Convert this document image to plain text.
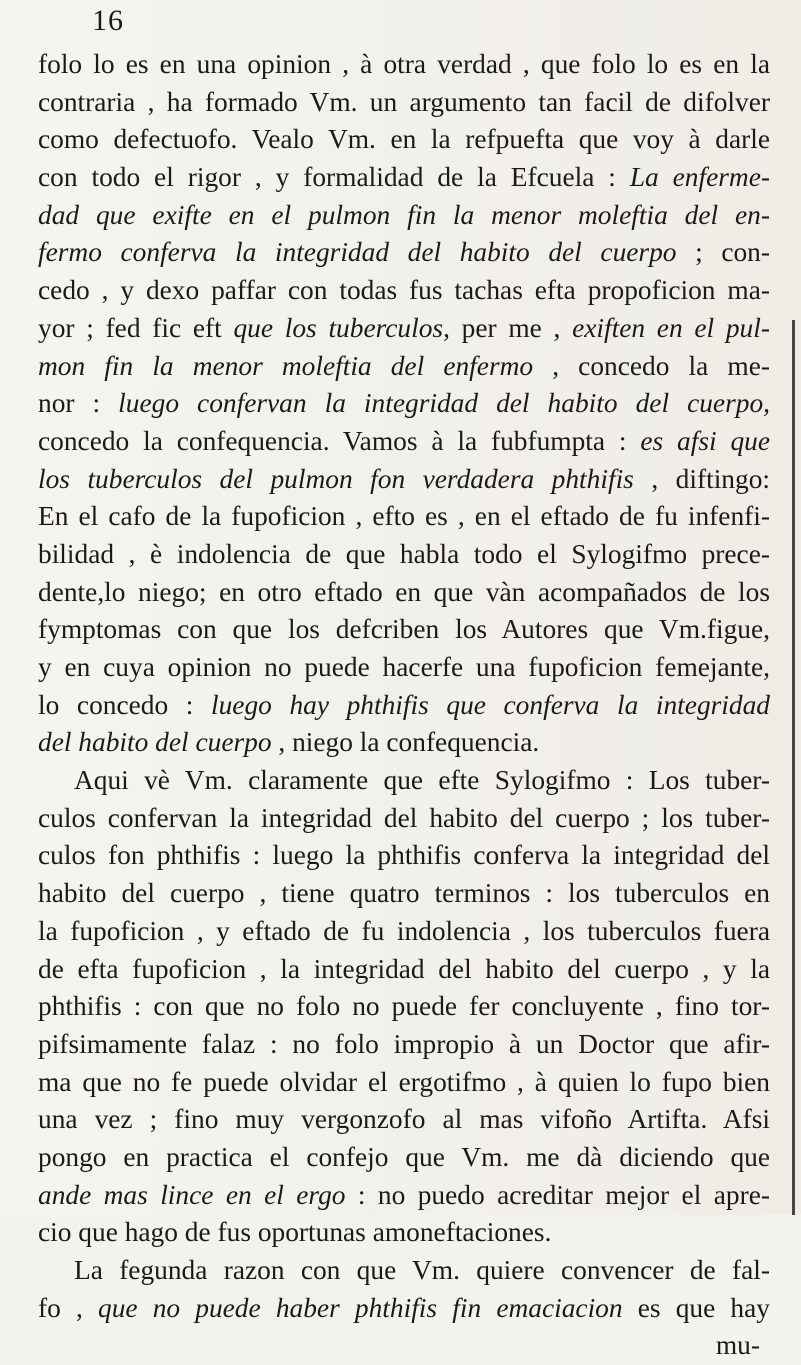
16
folo lo es en una opinion , à otra verdad , que folo lo es en la
contraria , ha formado Vm. un argumento tan facil de difolver
como defectuofo. Vealo Vm. en la refpuefta que voy à darle
con todo el rigor , y formalidad de la Efcuela : La enferme-
dad que exifte en el pulmon fin la menor moleftia del en-
fermo conferva la integridad del habito del cuerpo ; con-
cedo , y dexo paffar con todas fus tachas efta propoficion ma-
yor ; fed fic eft que los tuberculos, per me , exiften en el pul-
mon fin la menor moleftia del enfermo , concedo la me-
nor : luego confervan la integridad del habito del cuerpo,
concedo la confequencia. Vamos à la fubfumpta : es afsi que
los tuberculos del pulmon fon verdadera phthifis , diftingo:
En el cafo de la fupoficion , efto es , en el eftado de fu infenfi-
bilidad , è indolencia de que habla todo el Sylogifmo prece-
dente,lo niego; en otro eftado en que vàn acompañados de los
fymptomas con que los defcriben los Autores que Vm.figue,
y en cuya opinion no puede hacerfe una fupoficion femejante,
lo concedo : luego hay phthifis que conferva la integridad
del habito del cuerpo , niego la confequencia.
Aqui vè Vm. claramente que efte Sylogifmo : Los tuber-
culos confervan la integridad del habito del cuerpo ; los tuber-
culos fon phthifis : luego la phthifis conferva la integridad del
habito del cuerpo , tiene quatro terminos : los tuberculos en
la fupoficion , y eftado de fu indolencia , los tuberculos fuera
de efta fupoficion , la integridad del habito del cuerpo , y la
phthifis : con que no folo no puede fer concluyente , fino tor-
pifsimamente falaz : no folo impropio à un Doctor que afir-
ma que no fe puede olvidar el ergotifmo , à quien lo fupo bien
una vez ; fino muy vergonzofo al mas vifoño Artifta. Afsi
pongo en practica el confejo que Vm. me dà diciendo que
ande mas lince en el ergo : no puedo acreditar mejor el apre-
cio que hago de fus oportunas amoneftaciones.
La fegunda razon con que Vm. quiere convencer de fal-
fo , que no puede haber phthifis fin emaciacion es que hay
mu-
